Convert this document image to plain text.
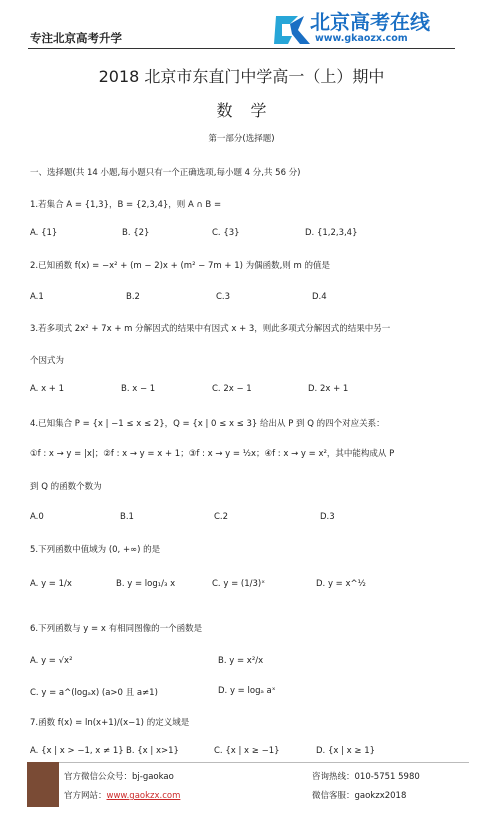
专注北京高考升学
北京高考在线
www.gkaozx.com
2018 北京市东直门中学高一（上）期中
数学
第一部分(选择题)
一、选择题(共 14 小题,每小题只有一个正确选项,每小题 4 分,共 56 分)
1.若集合 A = {1,3}，B = {2,3,4}，则 A ∩ B =
A. {1}	B. {2}	C. {3}	D. {1,2,3,4}
2.已知函数 f(x) = −x² + (m − 2)x + (m² − 7m + 1) 为偶函数,则 m 的值是
A.1	B.2	C.3	D.4
3.若多项式 2x² + 7x + m 分解因式的结果中有因式 x + 3，则此多项式分解因式的结果中另一
个因式为
A. x + 1	B. x − 1	C. 2x − 1	D. 2x + 1
4.已知集合 P = {x | −1 ≤ x ≤ 2}，Q = {x | 0 ≤ x ≤ 3} 给出从 P 到 Q 的四个对应关系：
①f : x → y = |x|；②f : x → y = x + 1；③f : x → y = ½x；④f : x → y = x²，其中能构成从 P
到 Q 的函数个数为
A.0	B.1	C.2	D.3
5.下列函数中值域为 (0, +∞) 的是
A. y = 1/x	B. y = log₁/₃ x	C. y = (1/3)ˣ	D. y = x^½
6.下列函数与 y = x 有相同图像的一个函数是
A. y = √x²	B. y = x²/x
C. y = a^(logₐx) (a>0 且 a≠1)	D. y = logₐ aˣ
7.函数 f(x) = ln(x+1)/(x−1) 的定义域是
A. {x | x > −1, x ≠ 1} B. {x | x>1}	C. {x | x ≥ −1}	D. {x | x ≥ 1}
官方微信公众号：bj-gaokao	咨询热线：010-5751 5980
官方网站：www.gaokzx.com	微信客服：gaokzx2018
